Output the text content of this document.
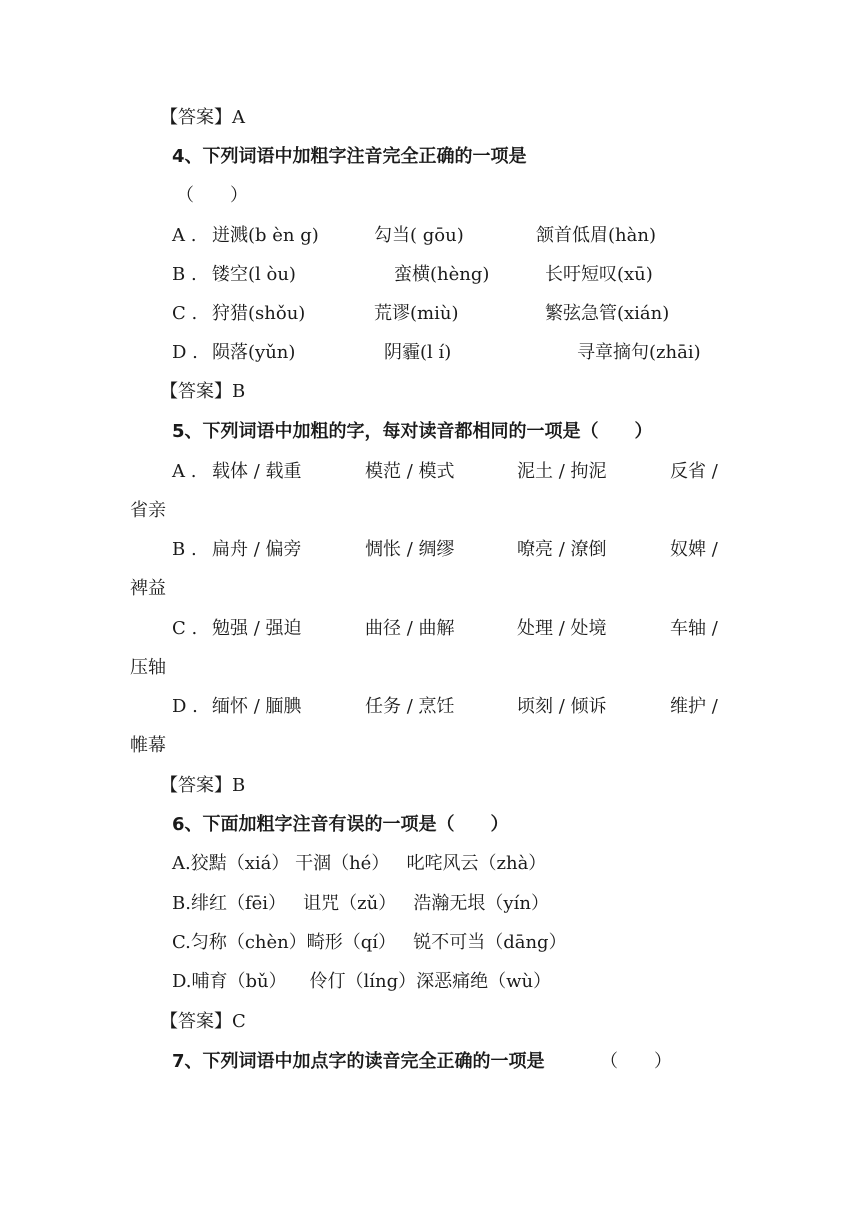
【答案】A
4、下列词语中加粗字注音完全正确的一项是
（　　）
A . 迸溅(b èn g)	勾当( gōu)	颔首低眉(hàn)
B . 镂空(l òu)	蛮横(hèng)	长吁短叹(xū)
C . 狩猎(shǒu)	荒谬(miù)	繁弦急管(xián)
D . 陨落(yǔn)	阴霾(l í)	寻章摘句(zhāi)
【答案】B
5、下列词语中加粗的字，每对读音都相同的一项是（　　）
A . 载体 / 载重	模范 / 模式	泥土 / 拘泥	反省 /
省亲
B . 扁舟 / 偏旁	惆怅 / 绸缪	嘹亮 / 潦倒	奴婢 /
裨益
C . 勉强 / 强迫	曲径 / 曲解	处理 / 处境	车轴 /
压轴
D . 缅怀 / 腼腆	任务 / 烹饪	顷刻 / 倾诉	维护 /
帷幕
【答案】B
6、下面加粗字注音有误的一项是（　　）
A.狡黠（xiá） 干涸（hé）   叱咤风云（zhà）
B.绯红（fēi）   诅咒（zǔ）   浩瀚无垠（yín）
C.匀称（chèn）畸形（qí）   锐不可当（dāng）
D.哺育（bǔ）    伶仃（líng）深恶痛绝（wù）
【答案】C
7、下列词语中加点字的读音完全正确的一项是	（　　）
